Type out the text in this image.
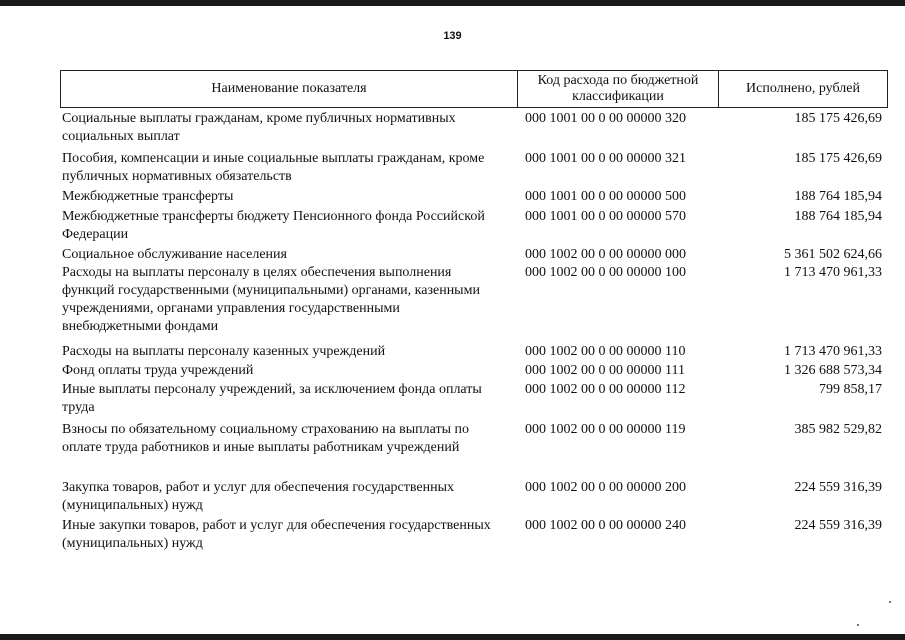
139
Наименование показателя
Код расхода по бюджетной классификации
Исполнено, рублей
Социальные выплаты гражданам, кроме публичных нормативных социальных выплат
000 1001 00 0 00 00000 320	185 175 426,69
Пособия, компенсации и иные социальные выплаты гражданам, кроме публичных нормативных обязательств
000 1001 00 0 00 00000 321	185 175 426,69
Межбюджетные трансферты	000 1001 00 0 00 00000 500	188 764 185,94
Межбюджетные трансферты бюджету Пенсионного фонда Российской Федерации
000 1001 00 0 00 00000 570	188 764 185,94
Социальное обслуживание населения	000 1002 00 0 00 00000 000	5 361 502 624,66
Расходы на выплаты персоналу в целях обеспечения выполнения функций государственными (муниципальными) органами, казенными учреждениями, органами управления государственными внебюджетными фондами
000 1002 00 0 00 00000 100	1 713 470 961,33
Расходы на выплаты персоналу казенных учреждений	000 1002 00 0 00 00000 110	1 713 470 961,33
Фонд оплаты труда учреждений	000 1002 00 0 00 00000 111	1 326 688 573,34
Иные выплаты персоналу учреждений, за исключением фонда оплаты труда
000 1002 00 0 00 00000 112	799 858,17
Взносы по обязательному социальному страхованию на выплаты по оплате труда работников и иные выплаты работникам учреждений
000 1002 00 0 00 00000 119	385 982 529,82
Закупка товаров, работ и услуг для обеспечения государственных (муниципальных) нужд
000 1002 00 0 00 00000 200	224 559 316,39
Иные закупки товаров, работ и услуг для обеспечения государственных (муниципальных) нужд
000 1002 00 0 00 00000 240	224 559 316,39
